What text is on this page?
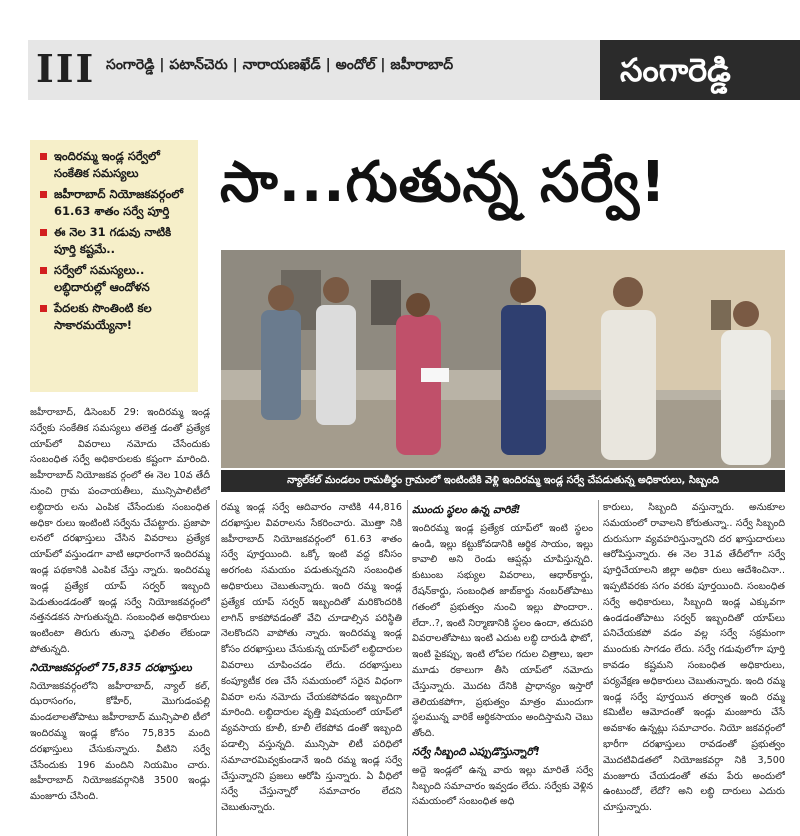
III సంగారెడ్డి | పటాన్‌చెరు | నారాయణఖేడ్ | అందోల్ | జహీరాబాద్	సంగారెడ్డి
ఇందిరమ్మ ఇండ్ల సర్వేలో సంకేతిక సమస్యలు
జహీరాబాద్ నియోజకవర్గంలో 61.63 శాతం సర్వే పూర్తి
ఈ నెల 31 గడువు నాటికి పూర్తి కష్టమే..
సర్వేలో సమస్యలు.. లబ్ధిదారుల్లో ఆందోళన
పేదలకు సొంతింటి కల సాకారమయ్యేనా!
సా...గుతున్న సర్వే!
న్యాల్‌కల్ మండలం రామతీర్థం గ్రామంలో ఇంటింటికి వెళ్లి ఇందిరమ్మ ఇండ్ల సర్వే చేపడుతున్న అధికారులు, సిబ్బంది

జహీరాబాద్, డిసెంబర్ 29: ఇందిరమ్మ ఇండ్ల సర్వేకు సంకేతిక సమస్యలు తలెత్త డంతో ప్రత్యేక యాప్‌లో వివరాలు నమోదు చేసేందుకు సంబంధిత సర్వే అధికారులకు కష్టంగా మారింది. జహీరాబాద్ నియోజకవ ర్గంలో ఈ నెల 10వ తేదీ నుంచి గ్రామ పంచాయతీలు, మున్సిపాలిటీలో లబ్ధిదారు లను ఎంపిక చేసేందుకు సంబంధిత అధికా రులు ఇంటింటి సర్వేను చేపట్టారు. ప్రజాపా లనలో దరఖాస్తులు చేసిన వివరాలు ప్రత్యేక యాప్‌లో వస్తుండగా వాటి ఆధారంగానే ఇందిరమ్మ ఇండ్ల పథకానికి ఎంపిక చేస్తు న్నారు. ఇందిరమ్మ ఇండ్ల ప్రత్యేక యాప్ సర్వర్ ఇబ్బంది పెడుతుండడంతో ఇండ్ల సర్వే నియోజకవర్గంలో నత్తనడకన సాగుతున్నది. సంబంధిత అధికారులు ఇంటింటా తిరుగు తున్నా ఫలితం లేకుండా పోతున్నది.

నియోజకవర్గంలో 75,835 దరఖాస్తులు

నియోజకవర్గంలోని జహీరాబాద్, న్యాల్ కల్, ఝరాసంగం, కోహీర్, మొగుడంపల్లి మండలాలతోపాటు జహీరాబాద్ మున్సిపాలి టీలో ఇందిరమ్మ ఇండ్ల కోసం 75,835 మంది దరఖాస్తులు చేసుకున్నారు. వీటిని సర్వే చేసేందుకు 196 మందిని నియమిం చారు. జహీరాబాద్ నియోజకవర్గానికి 3500 ఇండ్లు మంజూరు చేసింది.

రమ్మ ఇండ్ల సర్వే ఆదివారం నాటికి 44,816 దరఖాస్తుల వివరాలను సేకరించారు. మొత్తా నికి జహీరాబాద్ నియోజకవర్గంలో 61.63 శాతం సర్వే పూర్తయింది. ఒక్కో ఇంటి వద్ద కనీసం అరగంట సమయం పడుతున్నదని సంబంధిత అధికారులు చెబుతున్నారు. ఇంది రమ్మ ఇండ్ల ప్రత్యేక యాప్ సర్వర్ ఇబ్బందితో మరికొందరికి లాగిన్ కాకపోవడంతో వేచి చూడాల్సిన పరిస్థితి నెలకొందని వాపోతు న్నారు. ఇందిరమ్మ ఇండ్ల కోసం దరఖాస్తులు చేసుకున్న యాప్‌లో లబ్ధిదారుల వివరాలు చూపించడం లేదు. దరఖాస్తులు కంప్యూటీక రణ చేసే సమయంలో సరైన విధంగా వివరా లను నమోదు చేయకపోవడం ఇబ్బందిగా మారింది. లబ్ధిదారుల వృత్తి విషయంలో యాప్‌లో వ్యవసాయ కూలీ, కూలీ లేకపోవ డంతో ఇబ్బంది పడాల్సి వస్తున్నది. మున్సిపా లిటీ పరిధిలో సమాచారమివ్వకుండానే ఇంది రమ్మ ఇండ్ల సర్వే చేస్తున్నారని ప్రజలు ఆరోపి స్తున్నారు. ఏ వీధిలో సర్వే చేస్తున్నారో సమాచారం లేదని చెబుతున్నారు.

ముందు స్థలం ఉన్న వారికే!

ఇందిరమ్మ ఇండ్ల ప్రత్యేక యాప్‌లో ఇంటి స్థలం ఉండి, ఇల్లు కట్టుకోవడానికి ఆర్థిక సాయం, ఇల్లు కావాలి అని రెండు ఆప్షన్లు చూపిస్తున్నది. కుటుంబ సభ్యుల వివరాలు, ఆధార్‌కార్డు, రేషన్‌కార్డు, సంబంధిత జాబ్‌కార్డు నంబర్‌తోపాటు గతంలో ప్రభుత్వం నుంచి ఇల్లు పొందారా.. లేదా..?, ఇంటి నిర్మాణానికి స్థలం ఉందా, తదుపరి వివరాలతోపాటు ఇంటి ఎదుట లబ్ధి దారుడి ఫొటో, ఇంటి పైకప్పు, ఇంటి లోపల గదుల చిత్రాలు, ఇలా మూడు రకాలుగా తీసి యాప్‌లో నమోదు చేస్తున్నారు. మొదట దేనికి ప్రాధాన్యం ఇస్తారో తెలియకపోగా, ప్రభుత్వం మాత్రం ముందుగా స్థలమున్న వారికే ఆర్థికసాయం అందిస్తామని చెబు తోంది.

సర్వే సిబ్బంది ఎప్పుడొస్తున్నారో!

అద్దె ఇండ్లలో ఉన్న వారు ఇల్లు మారితే సర్వే సిబ్బంది సమాచారం ఇవ్వడం లేదు. సర్వేకు వెళ్లిన సమయంలో సంబంధిత అధి

కారులు, సిబ్బంది వస్తున్నారు. అనుకూల సమయంలో రావాలని కోరుతున్నా.. సర్వే సిబ్బంది దురుసుగా వ్యవహరిస్తున్నారని దర ఖాస్తుదారులు ఆరోపిస్తున్నారు. ఈ నెల 31వ తేదీలోగా సర్వే పూర్తిచేయాలని జిల్లా అధికా రులు ఆదేశించినా.. ఇప్పటివరకు సగం వరకు పూర్తయింది. సంబంధిత సర్వే అధికారులు, సిబ్బంది ఇండ్ల ఎక్కువగా ఉండడంతోపాటు సర్వర్ ఇబ్బందితో యాప్‌లు పనిచేయకపో వడం వల్ల సర్వే సక్రమంగా ముందుకు సాగడం లేదు. సర్వే గడువులోగా పూర్తి కావడం కష్టమని సంబంధిత అధికారులు, పర్యవేక్షణ అధికారులు చెబుతున్నారు. ఇంది రమ్మ ఇండ్ల సర్వే పూర్తయిన తర్వాత ఇంది రమ్మ కమిటీల ఆమోదంతో ఇండ్లు మంజూరు చేసే అవకాశం ఉన్నట్లు సమాచారం. నియో జకవర్గంలో భారీగా దరఖాస్తులు రావడంతో ప్రభుత్వం మొదటివిడతలో నియోజకవర్గా నికి 3,500 మంజూరు చేయడంతో తమ పేరు అందులో ఉంటుందో, లేదో? అని లబ్ధి దారులు ఎదురు చూస్తున్నారు.
